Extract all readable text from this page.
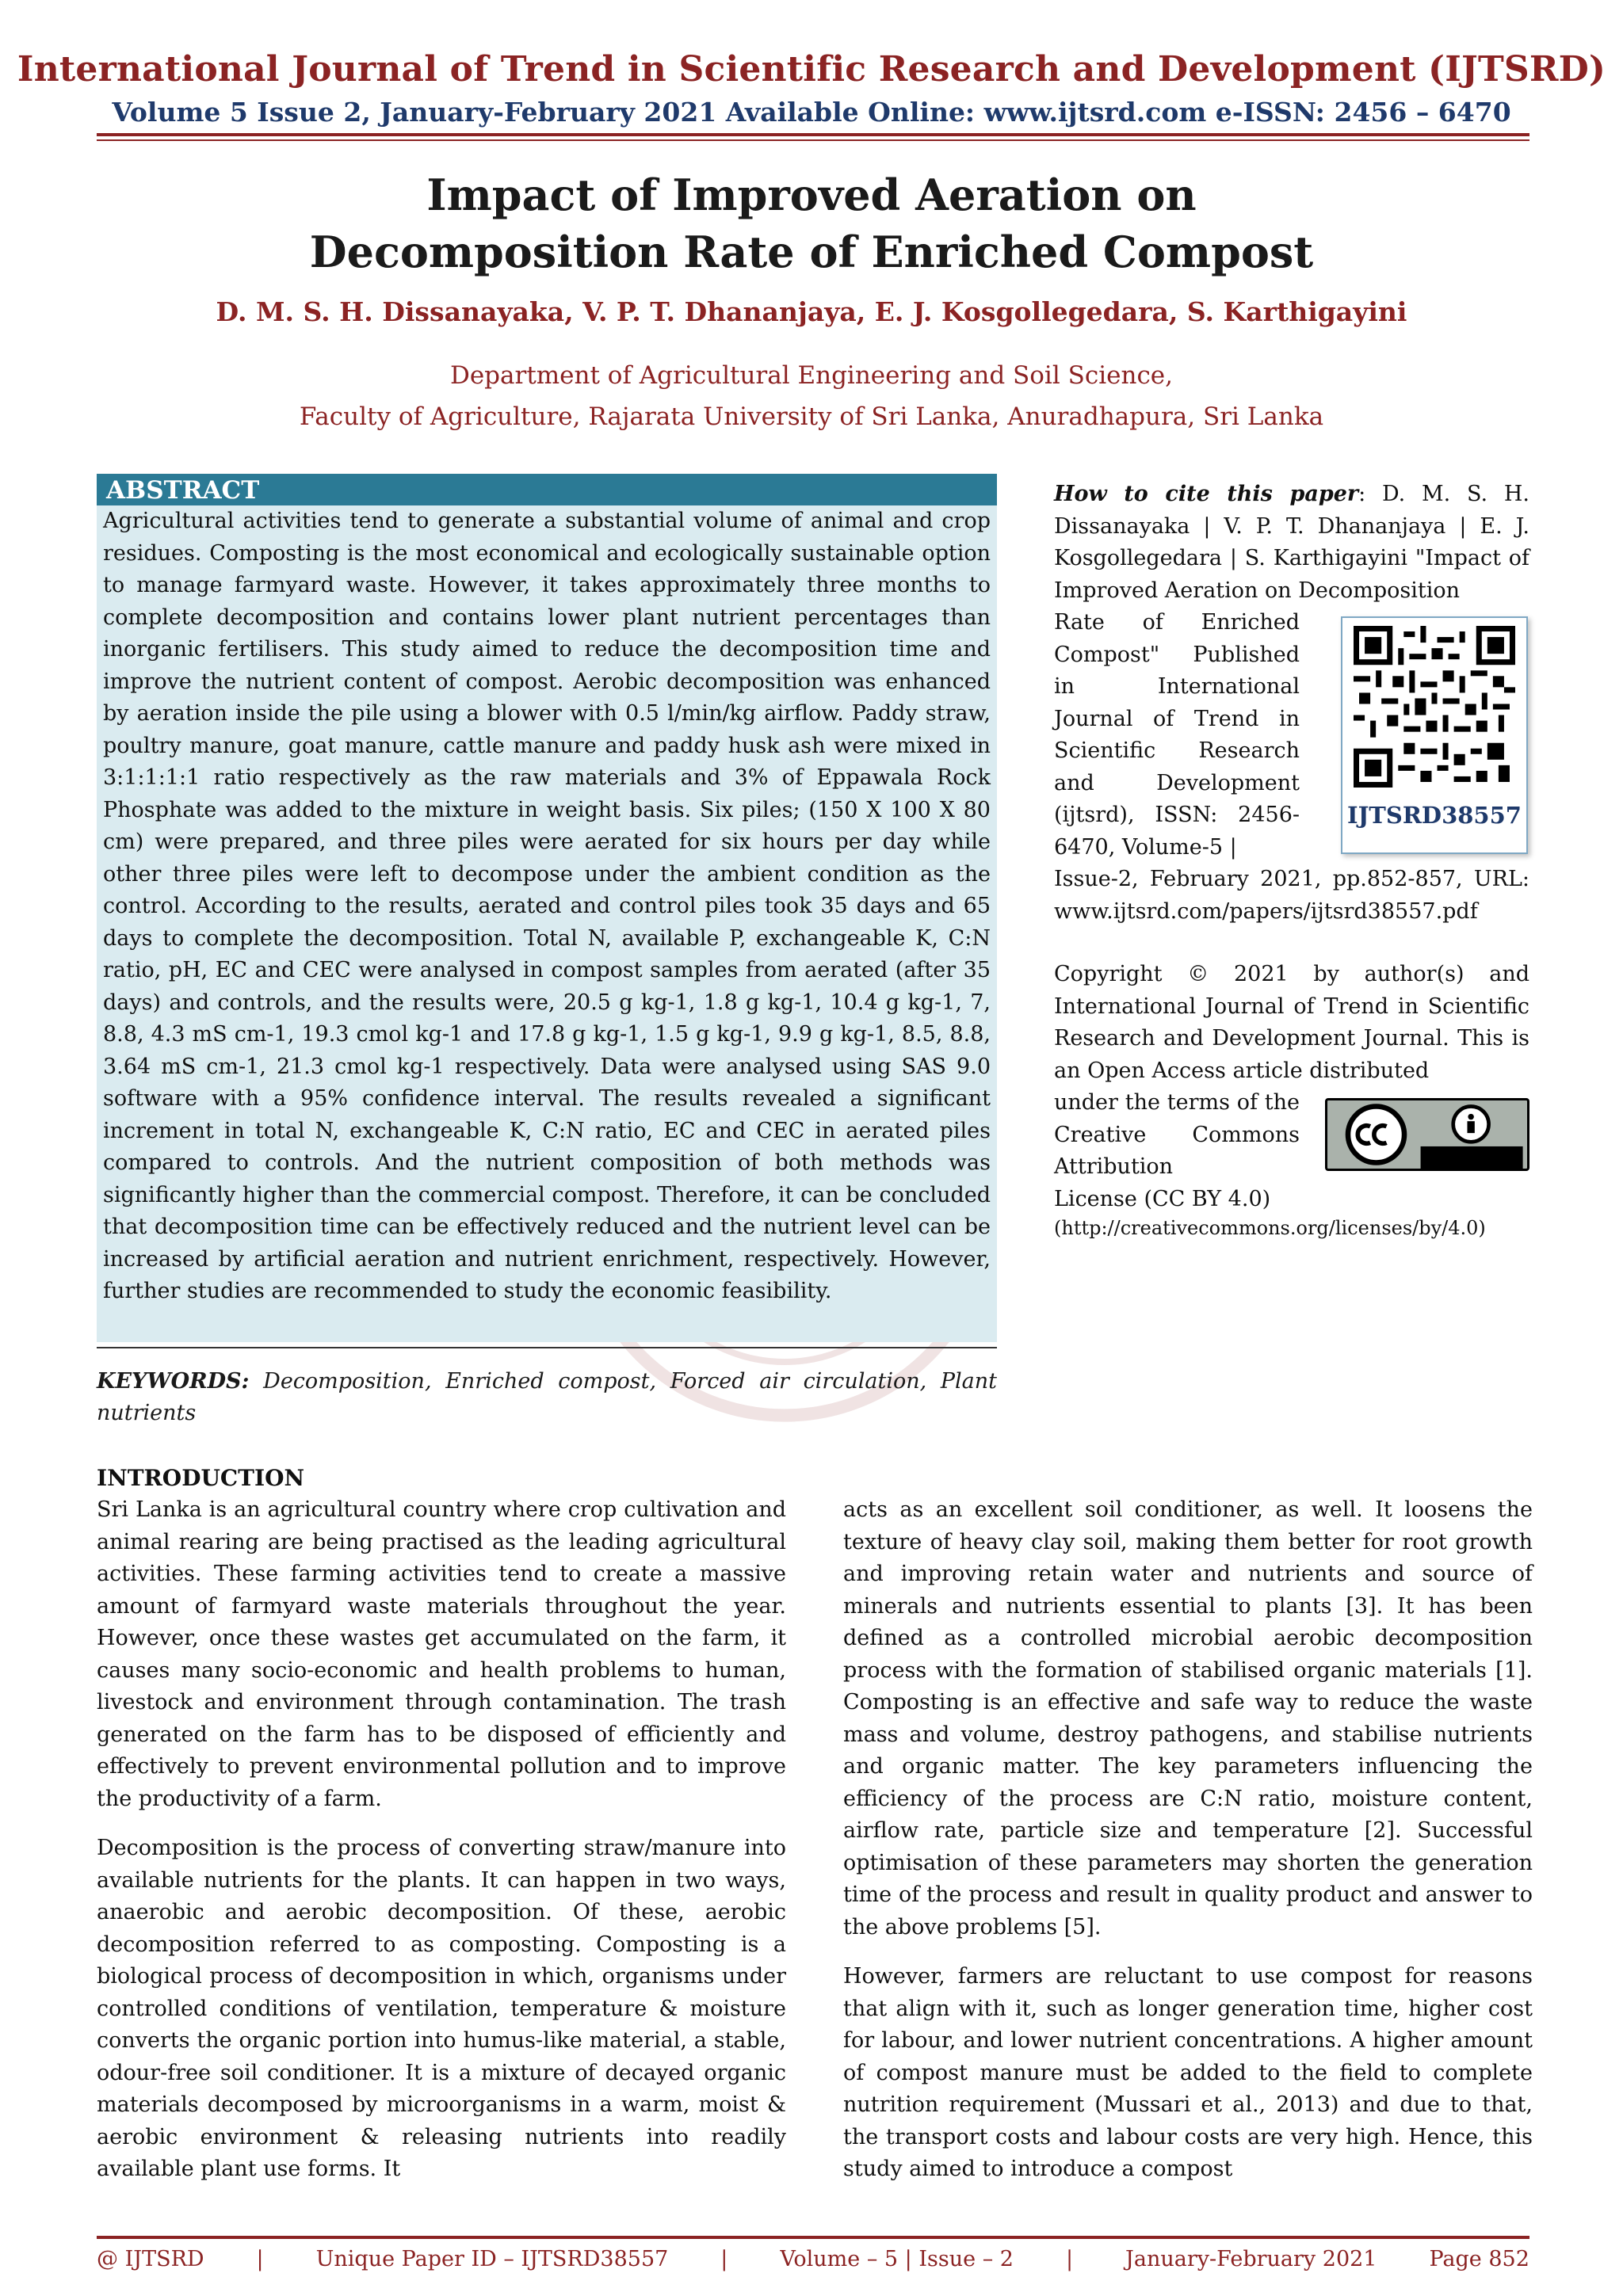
International Journal of Trend in Scientific Research and Development (IJTSRD)
Volume 5 Issue 2, January-February 2021 Available Online: www.ijtsrd.com e-ISSN: 2456 – 6470
Impact of Improved Aeration on
Decomposition Rate of Enriched Compost
D. M. S. H. Dissanayaka, V. P. T. Dhananjaya, E. J. Kosgollegedara, S. Karthigayini
Department of Agricultural Engineering and Soil Science,
Faculty of Agriculture, Rajarata University of Sri Lanka, Anuradhapura, Sri Lanka
ABSTRACT
Agricultural activities tend to generate a substantial volume of animal and crop residues. Composting is the most economical and ecologically sustainable option to manage farmyard waste. However, it takes approximately three months to complete decomposition and contains lower plant nutrient percentages than inorganic fertilisers. This study aimed to reduce the decomposition time and improve the nutrient content of compost. Aerobic decomposition was enhanced by aeration inside the pile using a blower with 0.5 l/min/kg airflow. Paddy straw, poultry manure, goat manure, cattle manure and paddy husk ash were mixed in 3:1:1:1:1 ratio respectively as the raw materials and 3% of Eppawala Rock Phosphate was added to the mixture in weight basis. Six piles; (150 X 100 X 80 cm) were prepared, and three piles were aerated for six hours per day while other three piles were left to decompose under the ambient condition as the control. According to the results, aerated and control piles took 35 days and 65 days to complete the decomposition. Total N, available P, exchangeable K, C:N ratio, pH, EC and CEC were analysed in compost samples from aerated (after 35 days) and controls, and the results were, 20.5 g kg-1, 1.8 g kg-1, 10.4 g kg-1, 7, 8.8, 4.3 mS cm-1, 19.3 cmol kg-1 and 17.8 g kg-1, 1.5 g kg-1, 9.9 g kg-1, 8.5, 8.8, 3.64 mS cm-1, 21.3 cmol kg-1 respectively. Data were analysed using SAS 9.0 software with a 95% confidence interval. The results revealed a significant increment in total N, exchangeable K, C:N ratio, EC and CEC in aerated piles compared to controls. And the nutrient composition of both methods was significantly higher than the commercial compost. Therefore, it can be concluded that decomposition time can be effectively reduced and the nutrient level can be increased by artificial aeration and nutrient enrichment, respectively. However, further studies are recommended to study the economic feasibility.
How to cite this paper: D. M. S. H. Dissanayaka | V. P. T. Dhananjaya | E. J. Kosgollegedara | S. Karthigayini "Impact of Improved Aeration on Decomposition
Rate of Enriched Compost" Published in International Journal of Trend in Scientific Research and Development (ijtsrd), ISSN: 2456-6470, Volume-5 |
Issue-2, February 2021, pp.852-857, URL: www.ijtsrd.com/papers/ijtsrd38557.pdf
IJTSRD38557
Copyright © 2021 by author(s) and International Journal of Trend in Scientific Research and Development Journal. This is an Open Access article distributed
under the terms of the Creative Commons Attribution
License (CC BY 4.0)
(http://creativecommons.org/licenses/by/4.0)
KEYWORDS: Decomposition, Enriched compost, Forced air circulation, Plant nutrients
INTRODUCTION
Sri Lanka is an agricultural country where crop cultivation and animal rearing are being practised as the leading agricultural activities. These farming activities tend to create a massive amount of farmyard waste materials throughout the year. However, once these wastes get accumulated on the farm, it causes many socio-economic and health problems to human, livestock and environment through contamination. The trash generated on the farm has to be disposed of efficiently and effectively to prevent environmental pollution and to improve the productivity of a farm.
Decomposition is the process of converting straw/manure into available nutrients for the plants. It can happen in two ways, anaerobic and aerobic decomposition. Of these, aerobic decomposition referred to as composting. Composting is a biological process of decomposition in which, organisms under controlled conditions of ventilation, temperature & moisture converts the organic portion into humus-like material, a stable, odour-free soil conditioner. It is a mixture of decayed organic materials decomposed by microorganisms in a warm, moist & aerobic environment & releasing nutrients into readily available plant use forms. It
acts as an excellent soil conditioner, as well. It loosens the texture of heavy clay soil, making them better for root growth and improving retain water and nutrients and source of minerals and nutrients essential to plants [3]. It has been defined as a controlled microbial aerobic decomposition process with the formation of stabilised organic materials [1]. Composting is an effective and safe way to reduce the waste mass and volume, destroy pathogens, and stabilise nutrients and organic matter. The key parameters influencing the efficiency of the process are C:N ratio, moisture content, airflow rate, particle size and temperature [2]. Successful optimisation of these parameters may shorten the generation time of the process and result in quality product and answer to the above problems [5].
However, farmers are reluctant to use compost for reasons that align with it, such as longer generation time, higher cost for labour, and lower nutrient concentrations. A higher amount of compost manure must be added to the field to complete nutrition requirement (Mussari et al., 2013) and due to that, the transport costs and labour costs are very high. Hence, this study aimed to introduce a compost
@ IJTSRD | Unique Paper ID – IJTSRD38557 | Volume – 5 | Issue – 2 | January-February 2021 Page 852
